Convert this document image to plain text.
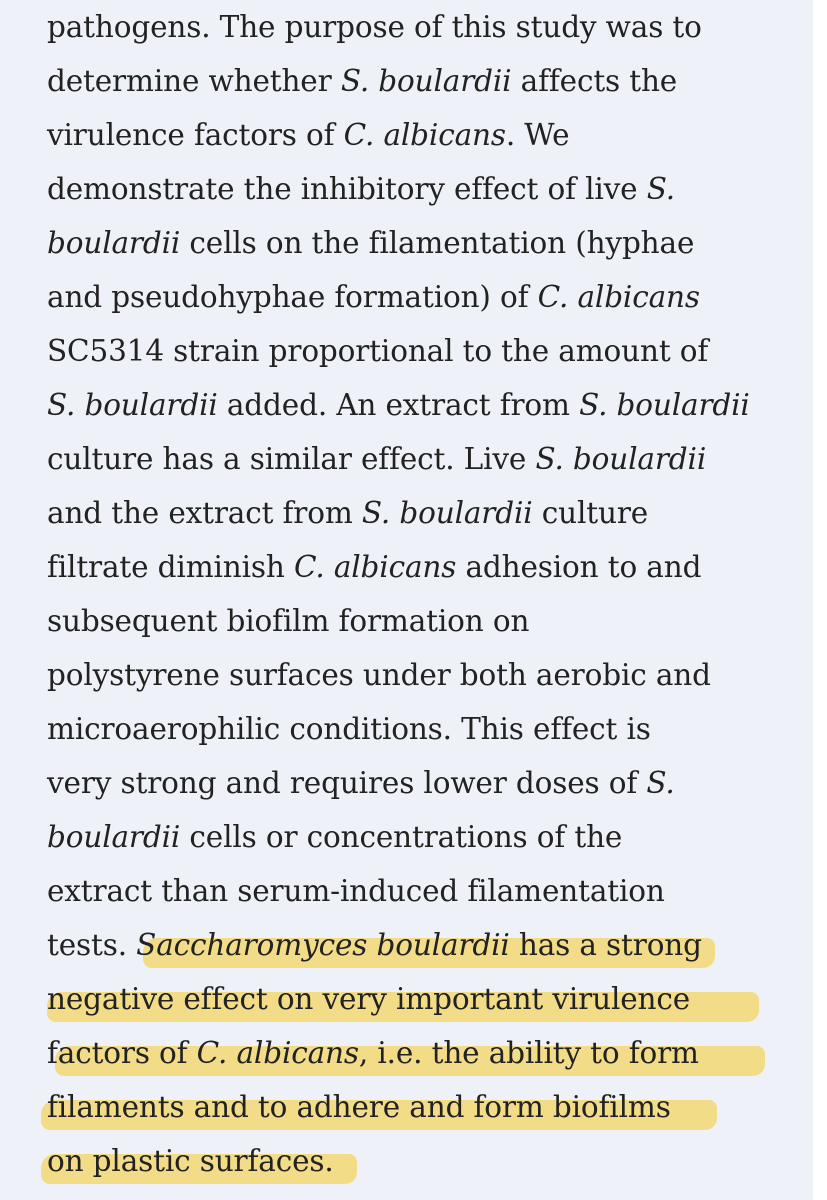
pathogens. The purpose of this study was to
determine whether S. boulardii affects the
virulence factors of C. albicans. We
demonstrate the inhibitory effect of live S.
boulardii cells on the filamentation (hyphae
and pseudohyphae formation) of C. albicans
SC5314 strain proportional to the amount of
S. boulardii added. An extract from S. boulardii
culture has a similar effect. Live S. boulardii
and the extract from S. boulardii culture
filtrate diminish C. albicans adhesion to and
subsequent biofilm formation on
polystyrene surfaces under both aerobic and
microaerophilic conditions. This effect is
very strong and requires lower doses of S.
boulardii cells or concentrations of the
extract than serum-induced filamentation
tests. Saccharomyces boulardii has a strong
negative effect on very important virulence
factors of C. albicans, i.e. the ability to form
filaments and to adhere and form biofilms
on plastic surfaces.
